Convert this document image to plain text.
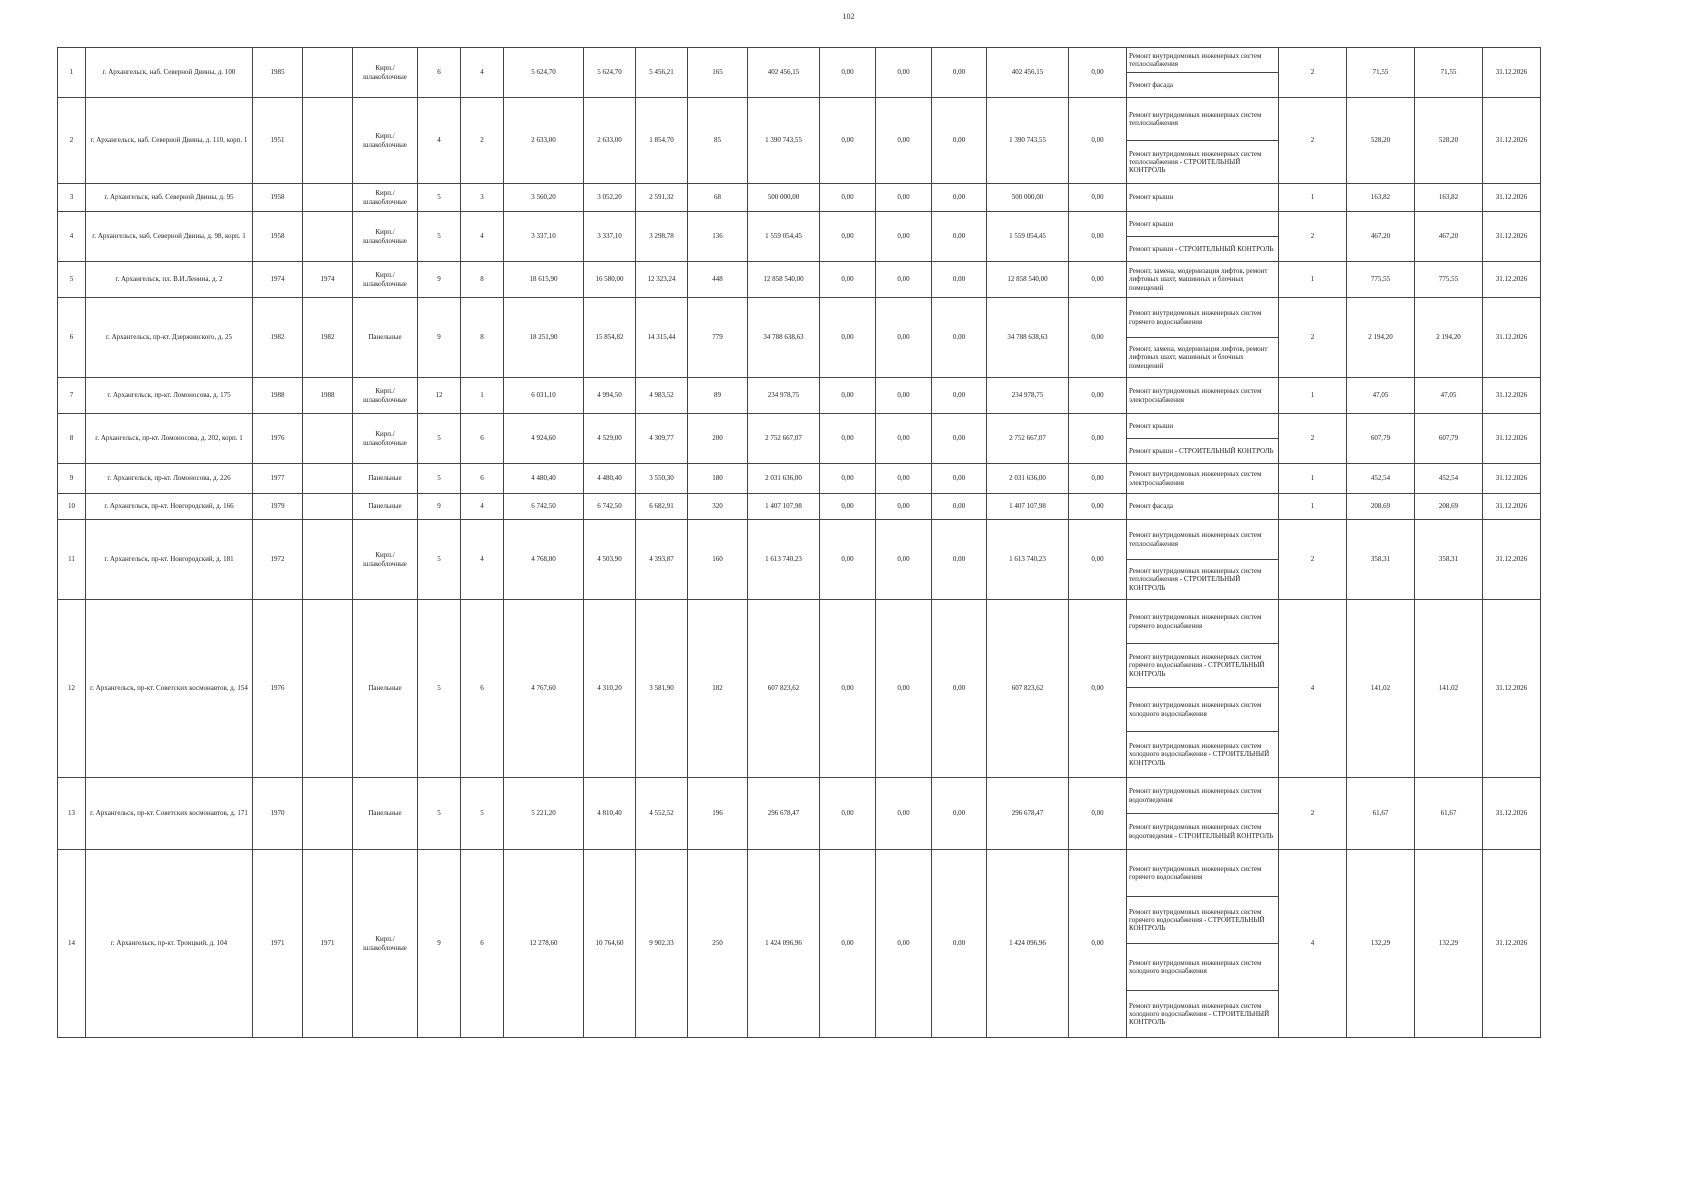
102
1	г. Архангельск, наб. Северной Двины, д. 100	1985		Кирп./ шлакоблочные	6	4	5 624,70	5 624,70	5 456,21	165	402 456,15	0,00	0,00	0,00	402 456,15	0,00	Ремонт внутридомовых инженерных систем теплоснабжения	2	71,55	71,55	31.12.2026
																	Ремонт фасада				
2	г. Архангельск, наб. Северной Двины, д. 110, корп. 1	1951		Кирп./ шлакоблочные	4	2	2 633,00	2 633,00	1 854,70	85	1 390 743,55	0,00	0,00	0,00	1 390 743,55	0,00	Ремонт внутридомовых инженерных систем теплоснабжения	2	528,20	528,20	31.12.2026
																	Ремонт внутридомовых инженерных систем теплоснабжения - СТРОИТЕЛЬНЫЙ КОНТРОЛЬ				
3	г. Архангельск, наб. Северной Двины, д. 95	1958		Кирп./ шлакоблочные	5	3	3 560,20	3 052,20	2 591,32	68	500 000,00	0,00	0,00	0,00	500 000,00	0,00	Ремонт крыши	1	163,82	163,82	31.12.2026
4	г. Архангельск, наб. Северной Двины, д. 98, корп. 1	1958		Кирп./ шлакоблочные	5	4	3 337,10	3 337,10	3 298,78	136	1 559 054,45	0,00	0,00	0,00	1 559 054,45	0,00	Ремонт крыши	2	467,20	467,20	31.12.2026
																	Ремонт крыши - СТРОИТЕЛЬНЫЙ КОНТРОЛЬ				
5	г. Архангельск, пл. В.И.Ленина, д. 2	1974	1974	Кирп./ шлакоблочные	9	8	18 615,90	16 580,00	12 323,24	448	12 858 540,00	0,00	0,00	0,00	12 858 540,00	0,00	Ремонт, замена, модернизация лифтов, ремонт лифтовых шахт, машинных и блочных помещений	1	775,55	775,55	31.12.2026
6	г. Архангельск, пр-кт. Дзержинского, д. 25	1982	1982	Панельные	9	8	18 251,90	15 854,82	14 315,44	779	34 788 638,63	0,00	0,00	0,00	34 788 638,63	0,00	Ремонт внутридомовых инженерных систем горячего водоснабжения	2	2 194,20	2 194,20	31.12.2026
																	Ремонт, замена, модернизация лифтов, ремонт лифтовых шахт, машинных и блочных помещений				
7	г. Архангельск, пр-кт. Ломоносова, д. 175	1988	1988	Кирп./ шлакоблочные	12	1	6 031,10	4 994,50	4 983,52	89	234 978,75	0,00	0,00	0,00	234 978,75	0,00	Ремонт внутридомовых инженерных систем электроснабжения	1	47,05	47,05	31.12.2026
8	г. Архангельск, пр-кт. Ломоносова, д. 202, корп. 1	1976		Кирп./ шлакоблочные	5	6	4 924,60	4 529,00	4 309,77	200	2 752 667,07	0,00	0,00	0,00	2 752 667,07	0,00	Ремонт крыши	2	607,79	607,79	31.12.2026
																	Ремонт крыши - СТРОИТЕЛЬНЫЙ КОНТРОЛЬ				
9	г. Архангельск, пр-кт. Ломоносова, д. 226	1977		Панельные	5	6	4 480,40	4 480,40	3 550,30	180	2 031 636,00	0,00	0,00	0,00	2 031 636,00	0,00	Ремонт внутридомовых инженерных систем электроснабжения	1	452,54	452,54	31.12.2026
10	г. Архангельск, пр-кт. Новгородский, д. 166	1979		Панельные	9	4	6 742,50	6 742,50	6 682,91	320	1 407 107,98	0,00	0,00	0,00	1 407 107,98	0,00	Ремонт фасада	1	208,69	208,69	31.12.2026
11	г. Архангельск, пр-кт. Новгородский, д. 181	1972		Кирп./ шлакоблочные	5	4	4 768,00	4 503,90	4 393,87	160	1 613 740,23	0,00	0,00	0,00	1 613 740,23	0,00	Ремонт внутридомовых инженерных систем теплоснабжения	2	358,31	358,31	31.12.2026
																	Ремонт внутридомовых инженерных систем теплоснабжения - СТРОИТЕЛЬНЫЙ КОНТРОЛЬ				
12	г. Архангельск, пр-кт. Советских космонавтов, д. 154	1976		Панельные	5	6	4 767,60	4 310,20	3 581,90	182	607 823,62	0,00	0,00	0,00	607 823,62	0,00	Ремонт внутридомовых инженерных систем горячего водоснабжения	4	141,02	141,02	31.12.2026
																	Ремонт внутридомовых инженерных систем горячего водоснабжения - СТРОИТЕЛЬНЫЙ КОНТРОЛЬ				
																	Ремонт внутридомовых инженерных систем холодного водоснабжения				
																	Ремонт внутридомовых инженерных систем холодного водоснабжения - СТРОИТЕЛЬНЫЙ КОНТРОЛЬ				
13	г. Архангельск, пр-кт. Советских космонавтов, д. 171	1970		Панельные	5	5	5 221,20	4 810,40	4 552,52	196	296 678,47	0,00	0,00	0,00	296 678,47	0,00	Ремонт внутридомовых инженерных систем водоотведения	2	61,67	61,67	31.12.2026
																	Ремонт внутридомовых инженерных систем водоотведения - СТРОИТЕЛЬНЫЙ КОНТРОЛЬ				
14	г. Архангельск, пр-кт. Троицкий, д. 104	1971	1971	Кирп./ шлакоблочные	9	6	12 278,60	10 764,60	9 902,33	250	1 424 096,96	0,00	0,00	0,00	1 424 096,96	0,00	Ремонт внутридомовых инженерных систем горячего водоснабжения	4	132,29	132,29	31.12.2026
																	Ремонт внутридомовых инженерных систем горячего водоснабжения - СТРОИТЕЛЬНЫЙ КОНТРОЛЬ				
																	Ремонт внутридомовых инженерных систем холодного водоснабжения				
																	Ремонт внутридомовых инженерных систем холодного водоснабжения - СТРОИТЕЛЬНЫЙ КОНТРОЛЬ				
